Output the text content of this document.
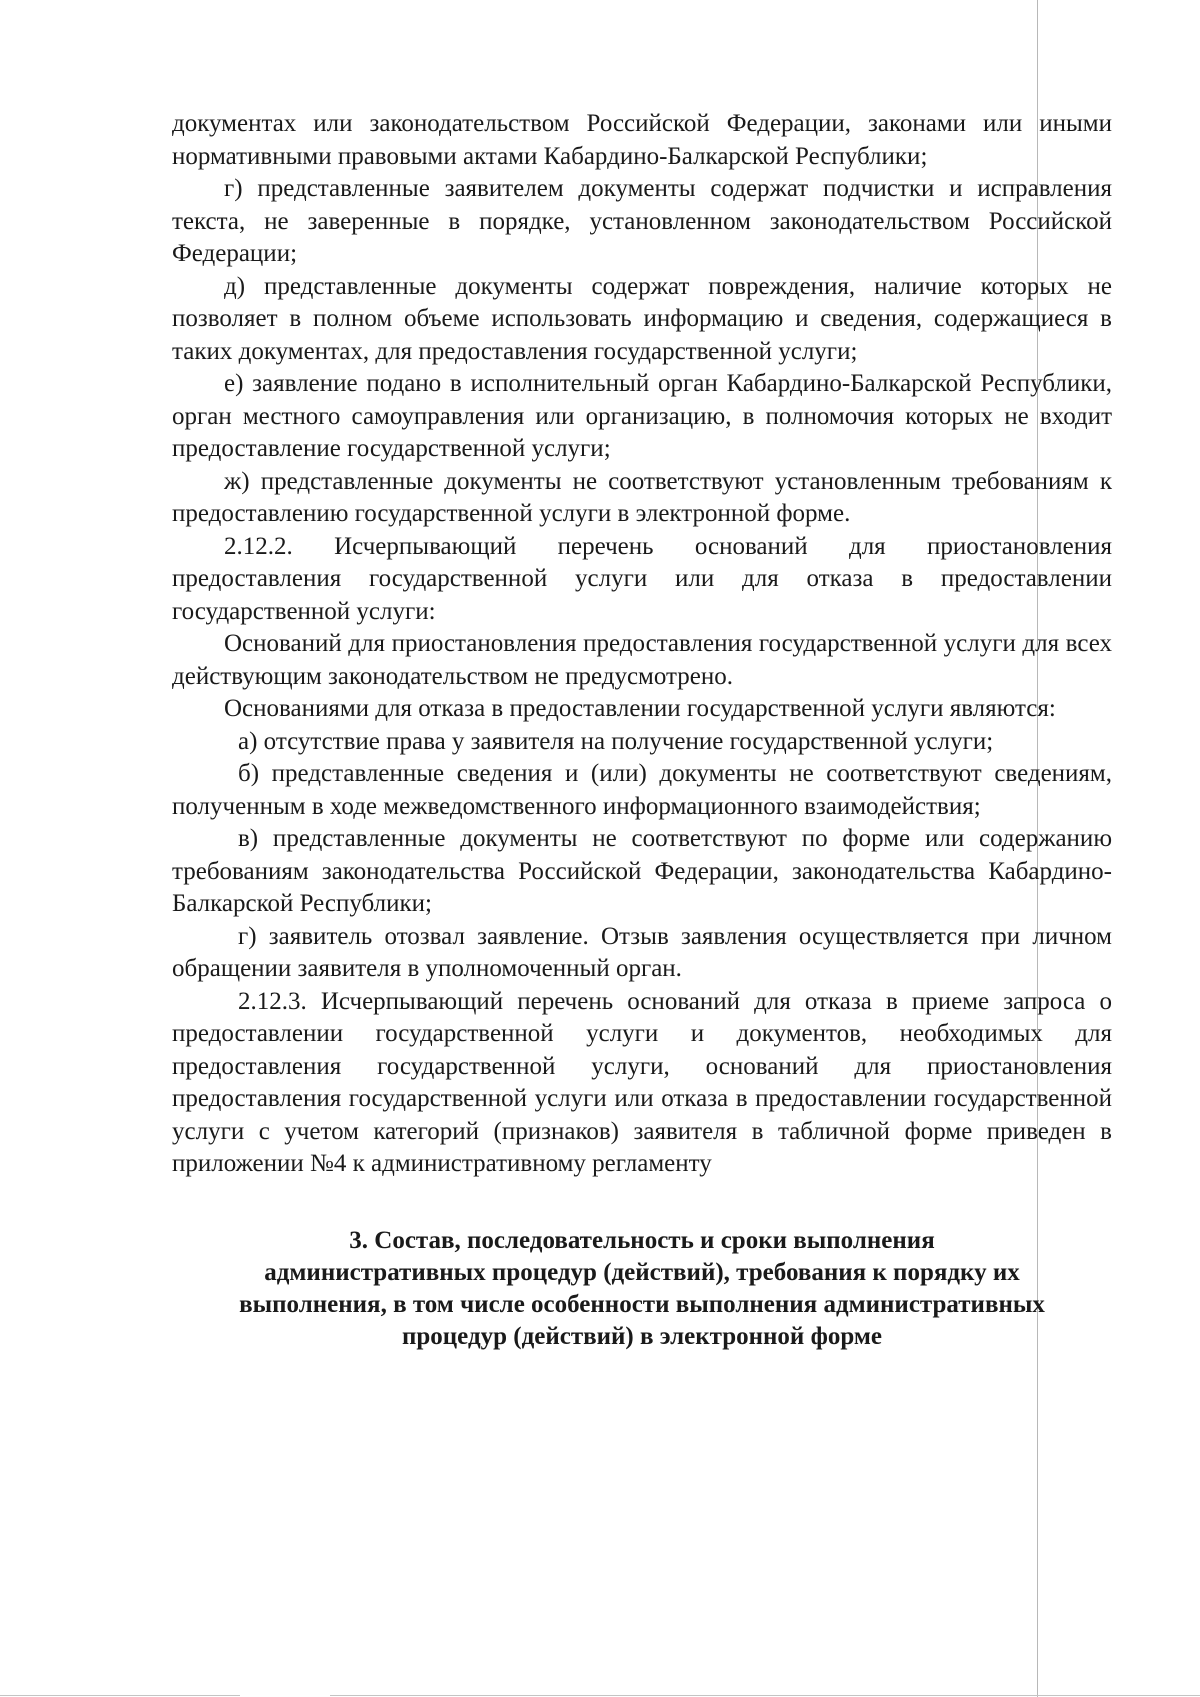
документах или законодательством Российской Федерации, законами или иными нормативными правовыми актами Кабардино-Балкарской Республики;

г) представленные заявителем документы содержат подчистки и исправления текста, не заверенные в порядке, установленном законодательством Российской Федерации;

д) представленные документы содержат повреждения, наличие которых не позволяет в полном объеме использовать информацию и сведения, содержащиеся в таких документах, для предоставления государственной услуги;

е) заявление подано в исполнительный орган Кабардино-Балкарской Республики, орган местного самоуправления или организацию, в полномочия которых не входит предоставление государственной услуги;

ж) представленные документы не соответствуют установленным требованиям к предоставлению государственной услуги в электронной форме.

2.12.2. Исчерпывающий перечень оснований для приостановления предоставления государственной услуги или для отказа в предоставлении государственной услуги:

Оснований для приостановления предоставления государственной услуги для всех действующим законодательством не предусмотрено.

Основаниями для отказа в предоставлении государственной услуги являются:

а) отсутствие права у заявителя на получение государственной услуги;

б) представленные сведения и (или) документы не соответствуют сведениям, полученным в ходе межведомственного информационного взаимодействия;

в) представленные документы не соответствуют по форме или содержанию требованиям законодательства Российской Федерации, законодательства Кабардино-Балкарской Республики;

г) заявитель отозвал заявление. Отзыв заявления осуществляется при личном обращении заявителя в уполномоченный орган.

2.12.3. Исчерпывающий перечень оснований для отказа в приеме запроса о предоставлении государственной услуги и документов, необходимых для предоставления государственной услуги, оснований для приостановления предоставления государственной услуги или отказа в предоставлении государственной услуги с учетом категорий (признаков) заявителя в табличной форме приведен в приложении №4 к административному регламенту

3. Состав, последовательность и сроки выполнения
административных процедур (действий), требования к порядку их
выполнения, в том числе особенности выполнения административных
процедур (действий) в электронной форме
